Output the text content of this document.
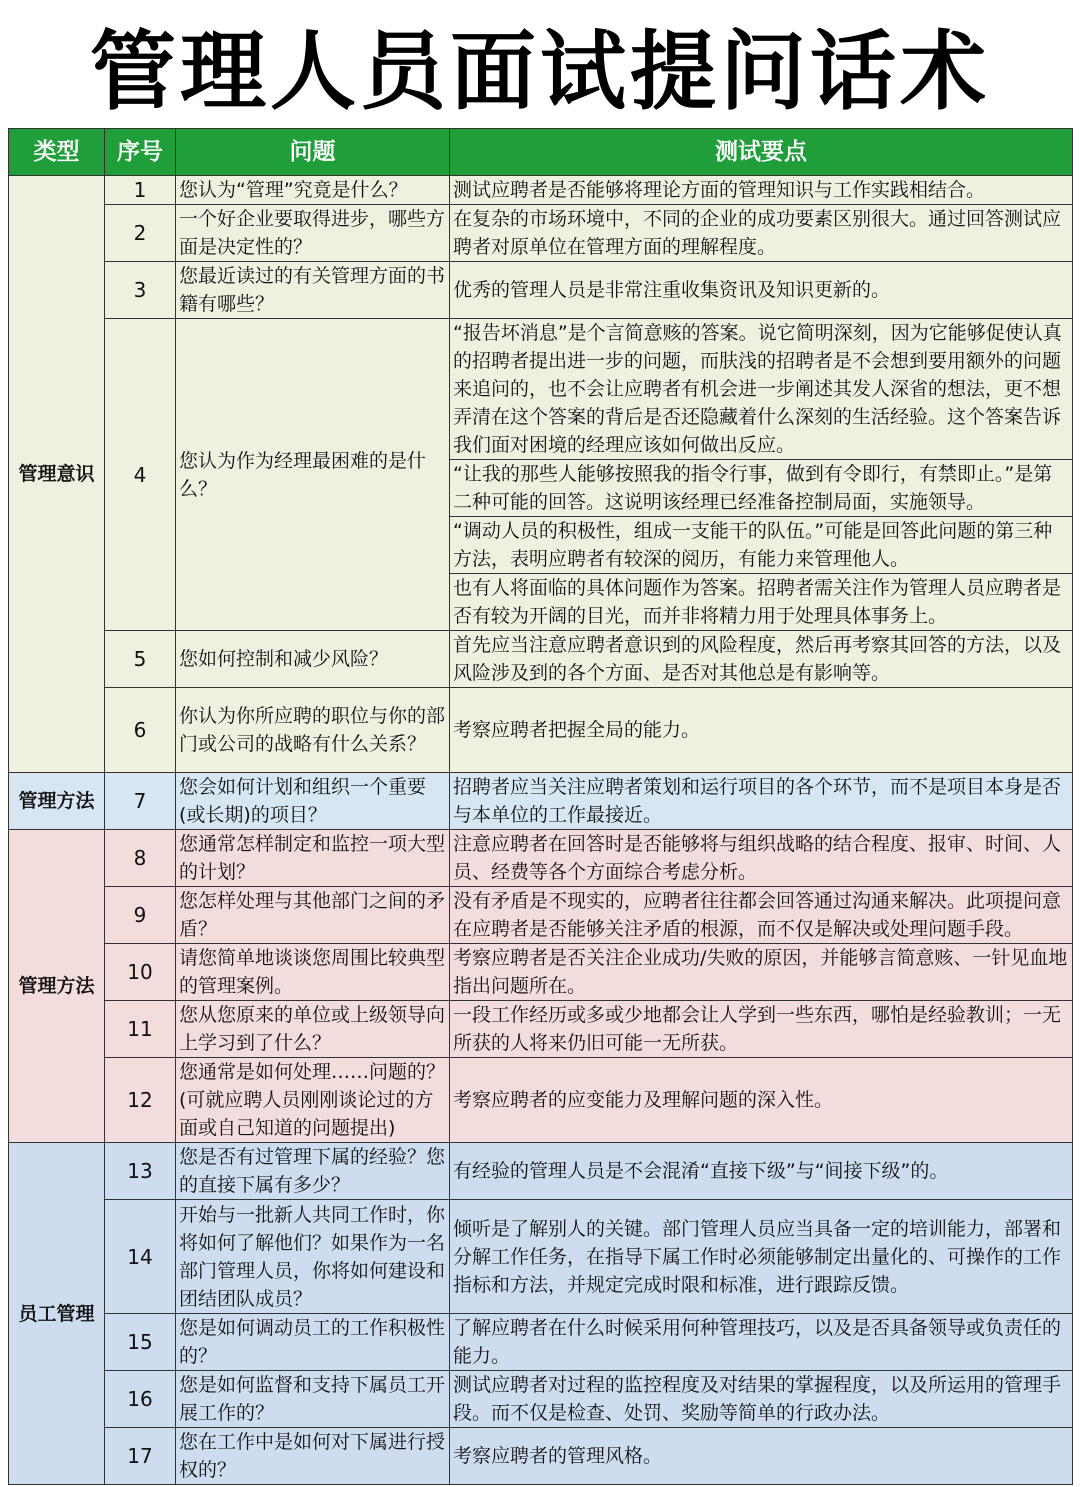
管理人员面试提问话术
类型	序号	问题	测试要点
管理意识	1	您认为“管理”究竟是什么？	测试应聘者是否能够将理论方面的管理知识与工作实践相结合。
	2	一个好企业要取得进步，哪些方面是决定性的？	在复杂的市场环境中，不同的企业的成功要素区别很大。通过回答测试应聘者对原单位在管理方面的理解程度。
	3	您最近读过的有关管理方面的书籍有哪些？	优秀的管理人员是非常注重收集资讯及知识更新的。
	4	您认为作为经理最困难的是什么？	“报告坏消息”是个言简意赅的答案。说它简明深刻，因为它能够促使认真的招聘者提出进一步的问题，而肤浅的招聘者是不会想到要用额外的问题来追问的，也不会让应聘者有机会进一步阐述其发人深省的想法，更不想弄清在这个答案的背后是否还隐藏着什么深刻的生活经验。这个答案告诉我们面对困境的经理应该如何做出反应。
“让我的那些人能够按照我的指令行事，做到有令即行，有禁即止。”是第二种可能的回答。这说明该经理已经准备控制局面，实施领导。
“调动人员的积极性，组成一支能干的队伍。”可能是回答此问题的第三种方法，表明应聘者有较深的阅历，有能力来管理他人。
也有人将面临的具体问题作为答案。招聘者需关注作为管理人员应聘者是否有较为开阔的目光，而并非将精力用于处理具体事务上。

	5	您如何控制和减少风险？	首先应当注意应聘者意识到的风险程度，然后再考察其回答的方法，以及风险涉及到的各个方面、是否对其他总是有影响等。
	6	你认为你所应聘的职位与你的部门或公司的战略有什么关系？	考察应聘者把握全局的能力。
管理方法	7	您会如何计划和组织一个重要(或长期)的项目？	招聘者应当关注应聘者策划和运行项目的各个环节，而不是项目本身是否与本单位的工作最接近。
管理方法	8	您通常怎样制定和监控一项大型的计划？	注意应聘者在回答时是否能够将与组织战略的结合程度、报审、时间、人员、经费等各个方面综合考虑分析。
	9	您怎样处理与其他部门之间的矛盾？	没有矛盾是不现实的，应聘者往往都会回答通过沟通来解决。此项提问意在应聘者是否能够关注矛盾的根源，而不仅是解决或处理问题手段。
	10	请您简单地谈谈您周围比较典型的管理案例。	考察应聘者是否关注企业成功/失败的原因，并能够言简意赅、一针见血地指出问题所在。
	11	您从您原来的单位或上级领导向上学习到了什么？	一段工作经历或多或少地都会让人学到一些东西，哪怕是经验教训；一无所获的人将来仍旧可能一无所获。
	12	您通常是如何处理……问题的？(可就应聘人员刚刚谈论过的方面或自己知道的问题提出)	考察应聘者的应变能力及理解问题的深入性。
员工管理	13	您是否有过管理下属的经验？您的直接下属有多少？	有经验的管理人员是不会混淆“直接下级”与“间接下级”的。
	14	开始与一批新人共同工作时，你将如何了解他们？如果作为一名部门管理人员，你将如何建设和团结团队成员？	倾听是了解别人的关键。部门管理人员应当具备一定的培训能力，部署和分解工作任务，在指导下属工作时必须能够制定出量化的、可操作的工作指标和方法，并规定完成时限和标准，进行跟踪反馈。
	15	您是如何调动员工的工作积极性的？	了解应聘者在什么时候采用何种管理技巧，以及是否具备领导或负责任的能力。
	16	您是如何监督和支持下属员工开展工作的？	测试应聘者对过程的监控程度及对结果的掌握程度，以及所运用的管理手段。而不仅是检查、处罚、奖励等简单的行政办法。
	17	您在工作中是如何对下属进行授权的？	考察应聘者的管理风格。
